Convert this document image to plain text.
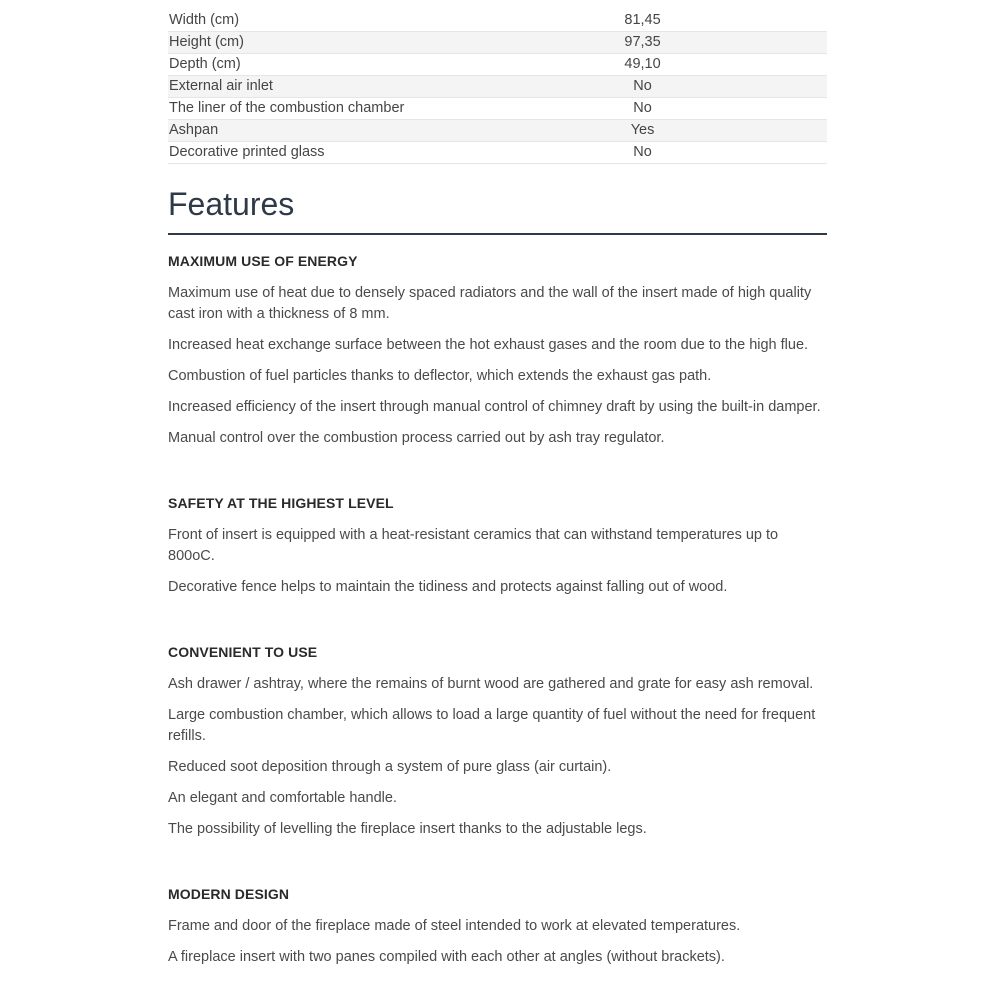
Width (cm)	81,45
Height (cm)	97,35
Depth (cm)	49,10
External air inlet	No
The liner of the combustion chamber	No
Ashpan	Yes
Decorative printed glass	No
Features
MAXIMUM USE OF ENERGY

Maximum use of heat due to densely spaced radiators and the wall of the insert made of high quality cast iron with a thickness of 8 mm.

Increased heat exchange surface between the hot exhaust gases and the room due to the high flue.

Combustion of fuel particles thanks to deflector, which extends the exhaust gas path.

Increased efficiency of the insert through manual control of chimney draft by using the built-in damper.

Manual control over the combustion process carried out by ash tray regulator.

SAFETY AT THE HIGHEST LEVEL

Front of insert is equipped with a heat-resistant ceramics that can withstand temperatures up to 800oC.

Decorative fence helps to maintain the tidiness and protects against falling out of wood.

CONVENIENT TO USE

Ash drawer / ashtray, where the remains of burnt wood are gathered and grate for easy ash removal.

Large combustion chamber, which allows to load a large quantity of fuel without the need for frequent refills.

Reduced soot deposition through a system of pure glass (air curtain).

An elegant and comfortable handle.

The possibility of levelling the fireplace insert thanks to the adjustable legs.

MODERN DESIGN

Frame and door of the fireplace made of steel intended to work at elevated temperatures.

A fireplace insert with two panes compiled with each other at angles (without brackets).
